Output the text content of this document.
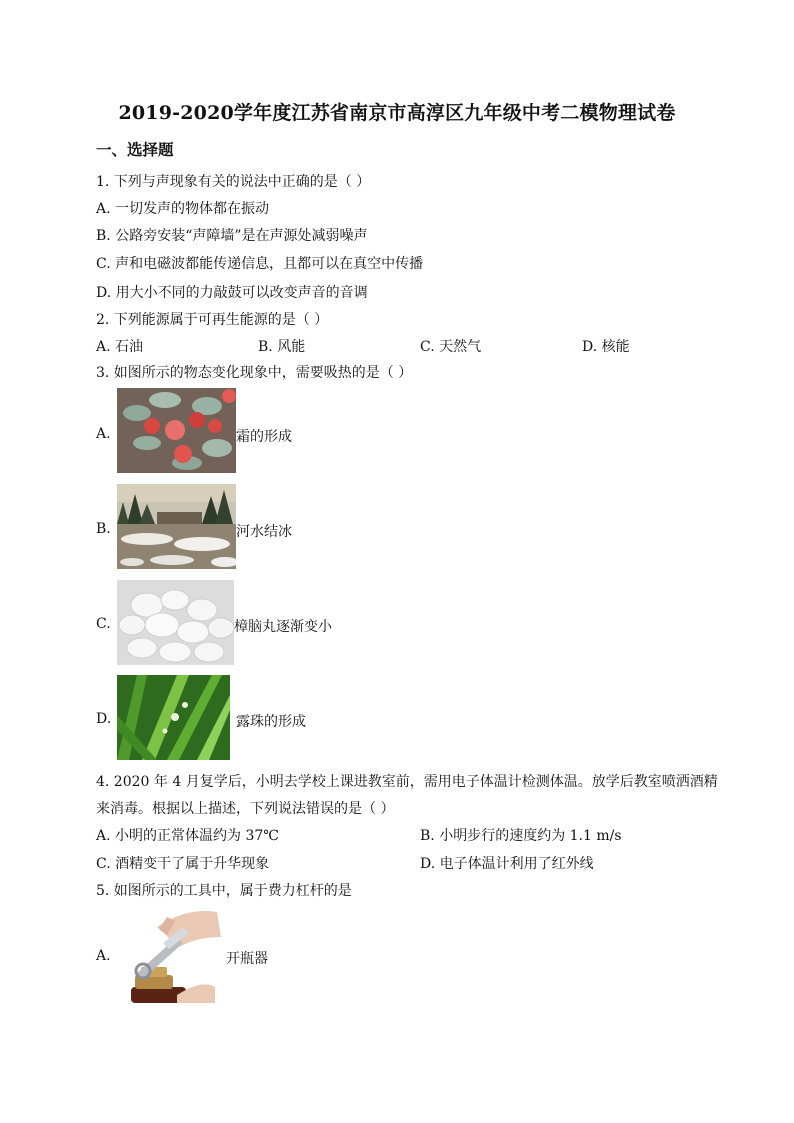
2019-2020学年度江苏省南京市高淳区九年级中考二模物理试卷
一、选择题
1. 下列与声现象有关的说法中正确的是（ ）
A. 一切发声的物体都在振动
B. 公路旁安装“声障墙”是在声源处减弱噪声
C. 声和电磁波都能传递信息，且都可以在真空中传播
D. 用大小不同的力敲鼓可以改变声音的音调
2. 下列能源属于可再生能源的是（ ）
A. 石油	B. 风能	C. 天然气	D. 核能
3. 如图所示的物态变化现象中，需要吸热的是（ ）
A.	霜的形成
B.	河水结冰
C.	樟脑丸逐渐变小
D.	露珠的形成
4. 2020 年 4 月复学后，小明去学校上课进教室前，需用电子体温计检测体温。放学后教室喷洒酒精
来消毒。根据以上描述，下列说法错误的是（ ）
A. 小明的正常体温约为 37℃	B. 小明步行的速度约为 1.1 m/s
C. 酒精变干了属于升华现象	D. 电子体温计利用了红外线
5. 如图所示的工具中，属于费力杠杆的是
A.	开瓶器
